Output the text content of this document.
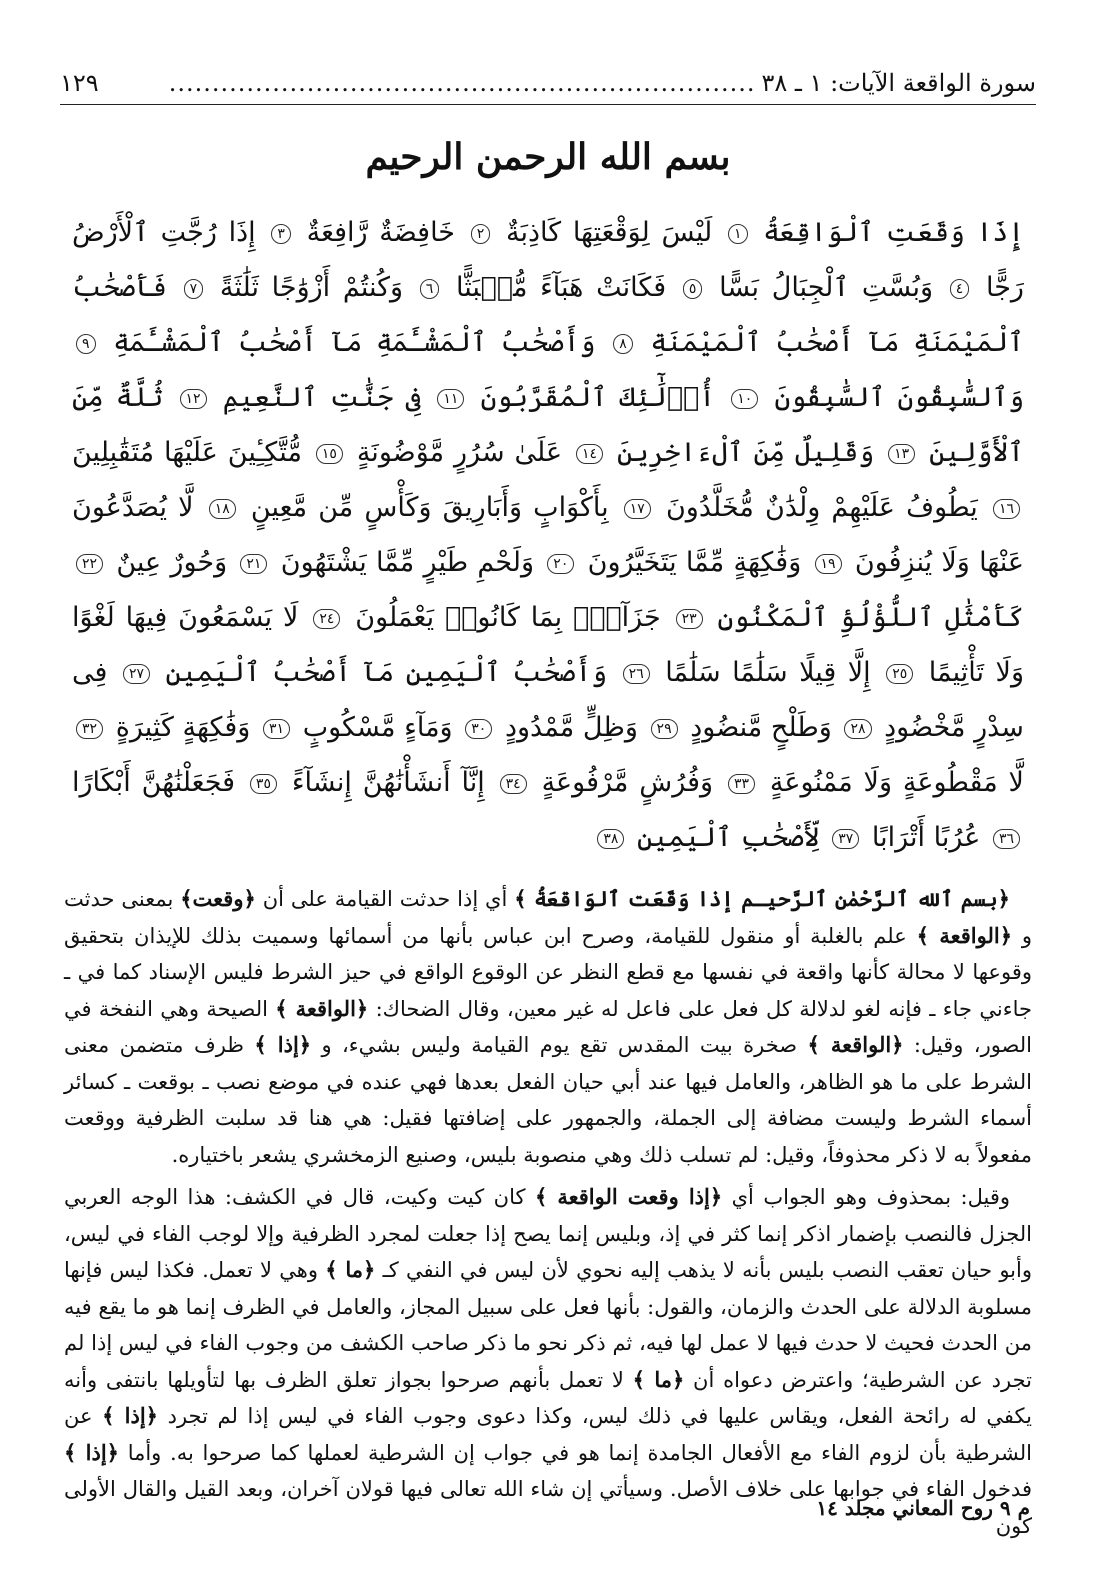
سورة الواقعة الآيات: ١ ـ ٣٨
....................................................................
١٢٩
بسم الله الرحمن الرحيم
إِذَا وَقَعَتِ ٱلْوَاقِعَةُ ١ لَيْسَ لِوَقْعَتِهَا كَاذِبَةٌ ٢ خَافِضَةٌ رَّافِعَةٌ ٣ إِذَا رُجَّتِ ٱلْأَرْضُ رَجًّا ٤ وَبُسَّتِ ٱلْجِبَالُ بَسًّا ٥ فَكَانَتْ هَبَآءً مُّنۢبَثًّا ٦ وَكُنتُمْ أَزْوَٰجًا ثَلَٰثَةً ٧ فَأَصْحَٰبُ ٱلْمَيْمَنَةِ مَآ أَصْحَٰبُ ٱلْمَيْمَنَةِ ٨ وَأَصْحَٰبُ ٱلْمَشْـَٔمَةِ مَآ أَصْحَٰبُ ٱلْمَشْـَٔمَةِ ٩ وَٱلسَّٰبِقُونَ ٱلسَّٰبِقُونَ ١٠ أُو۟لَٰٓئِكَ ٱلْمُقَرَّبُونَ ١١ فِى جَنَّٰتِ ٱلنَّعِيمِ ١٢ ثُلَّةٌ مِّنَ ٱلْأَوَّلِينَ ١٣ وَقَلِيلٌ مِّنَ ٱلْءَاخِرِينَ ١٤ عَلَىٰ سُرُرٍ مَّوْضُونَةٍ ١٥ مُّتَّكِـِٔينَ عَلَيْهَا مُتَقَٰبِلِينَ ١٦ يَطُوفُ عَلَيْهِمْ وِلْدَٰنٌ مُّخَلَّدُونَ ١٧ بِأَكْوَابٍ وَأَبَارِيقَ وَكَأْسٍ مِّن مَّعِينٍ ١٨ لَّا يُصَدَّعُونَ عَنْهَا وَلَا يُنزِفُونَ ١٩ وَفَٰكِهَةٍ مِّمَّا يَتَخَيَّرُونَ ٢٠ وَلَحْمِ طَيْرٍ مِّمَّا يَشْتَهُونَ ٢١ وَحُورٌ عِينٌ ٢٢ كَأَمْثَٰلِ ٱللُّؤْلُؤِ ٱلْمَكْنُونِ ٢٣ جَزَآءًۢ بِمَا كَانُوا۟ يَعْمَلُونَ ٢٤ لَا يَسْمَعُونَ فِيهَا لَغْوًا وَلَا تَأْثِيمًا ٢٥ إِلَّا قِيلًا سَلَٰمًا سَلَٰمًا ٢٦ وَأَصْحَٰبُ ٱلْيَمِينِ مَآ أَصْحَٰبُ ٱلْيَمِينِ ٢٧ فِى سِدْرٍ مَّخْضُودٍ ٢٨ وَطَلْحٍ مَّنضُودٍ ٢٩ وَظِلٍّ مَّمْدُودٍ ٣٠ وَمَآءٍ مَّسْكُوبٍ ٣١ وَفَٰكِهَةٍ كَثِيرَةٍ ٣٢ لَّا مَقْطُوعَةٍ وَلَا مَمْنُوعَةٍ ٣٣ وَفُرُشٍ مَّرْفُوعَةٍ ٣٤ إِنَّآ أَنشَأْنَٰهُنَّ إِنشَآءً ٣٥ فَجَعَلْنَٰهُنَّ أَبْكَارًا ٣٦ عُرُبًا أَتْرَابًا ٣٧ لِّأَصْحَٰبِ ٱلْيَمِينِ ٣٨

﴿بسم ٱلله ٱلرَّحْمٰن ٱلرَّحيـم إذا وَقَعَت ٱلوَاقعَةُ ﴾ أي إذا حدثت القيامة على أن ﴿وقعت﴾ بمعنى حدثت و ﴿الواقعة ﴾ علم بالغلبة أو منقول للقيامة، وصرح ابن عباس بأنها من أسمائها وسميت بذلك للإيذان بتحقيق وقوعها لا محالة كأنها واقعة في نفسها مع قطع النظر عن الوقوع الواقع في حيز الشرط فليس الإسناد كما في ـ جاءني جاء ـ فإنه لغو لدلالة كل فعل على فاعل له غير معين، وقال الضحاك: ﴿الواقعة ﴾ الصيحة وهي النفخة في الصور، وقيل: ﴿الواقعة ﴾ صخرة بيت المقدس تقع يوم القيامة وليس بشيء، و ﴿إذا ﴾ ظرف متضمن معنى الشرط على ما هو الظاهر، والعامل فيها عند أبي حيان الفعل بعدها فهي عنده في موضع نصب ـ بوقعت ـ كسائر أسماء الشرط وليست مضافة إلى الجملة، والجمهور على إضافتها فقيل: هي هنا قد سلبت الظرفية ووقعت مفعولاً به لا ذكر محذوفاً، وقيل: لم تسلب ذلك وهي منصوبة بليس، وصنيع الزمخشري يشعر باختياره.

وقيل: بمحذوف وهو الجواب أي ﴿إذا وقعت الواقعة ﴾ كان كيت وكيت، قال في الكشف: هذا الوجه العربي الجزل فالنصب بإضمار اذكر إنما كثر في إذ، وبليس إنما يصح إذا جعلت لمجرد الظرفية وإلا لوجب الفاء في ليس، وأبو حيان تعقب النصب بليس بأنه لا يذهب إليه نحوي لأن ليس في النفي كـ ﴿ما ﴾ وهي لا تعمل. فكذا ليس فإنها مسلوبة الدلالة على الحدث والزمان، والقول: بأنها فعل على سبيل المجاز، والعامل في الظرف إنما هو ما يقع فيه من الحدث فحيث لا حدث فيها لا عمل لها فيه، ثم ذكر نحو ما ذكر صاحب الكشف من وجوب الفاء في ليس إذا لم تجرد عن الشرطية؛ واعترض دعواه أن ﴿ما ﴾ لا تعمل بأنهم صرحوا بجواز تعلق الظرف بها لتأويلها بانتفى وأنه يكفي له رائحة الفعل، ويقاس عليها في ذلك ليس، وكذا دعوى وجوب الفاء في ليس إذا لم تجرد ﴿إذا ﴾ عن الشرطية بأن لزوم الفاء مع الأفعال الجامدة إنما هو في جواب إن الشرطية لعملها كما صرحوا به. وأما ﴿إذا ﴾ فدخول الفاء في جوابها على خلاف الأصل. وسيأتي إن شاء الله تعالى فيها قولان آخران، وبعد القيل والقال الأولى كون

م ٩ روح المعاني مجلد ١٤
